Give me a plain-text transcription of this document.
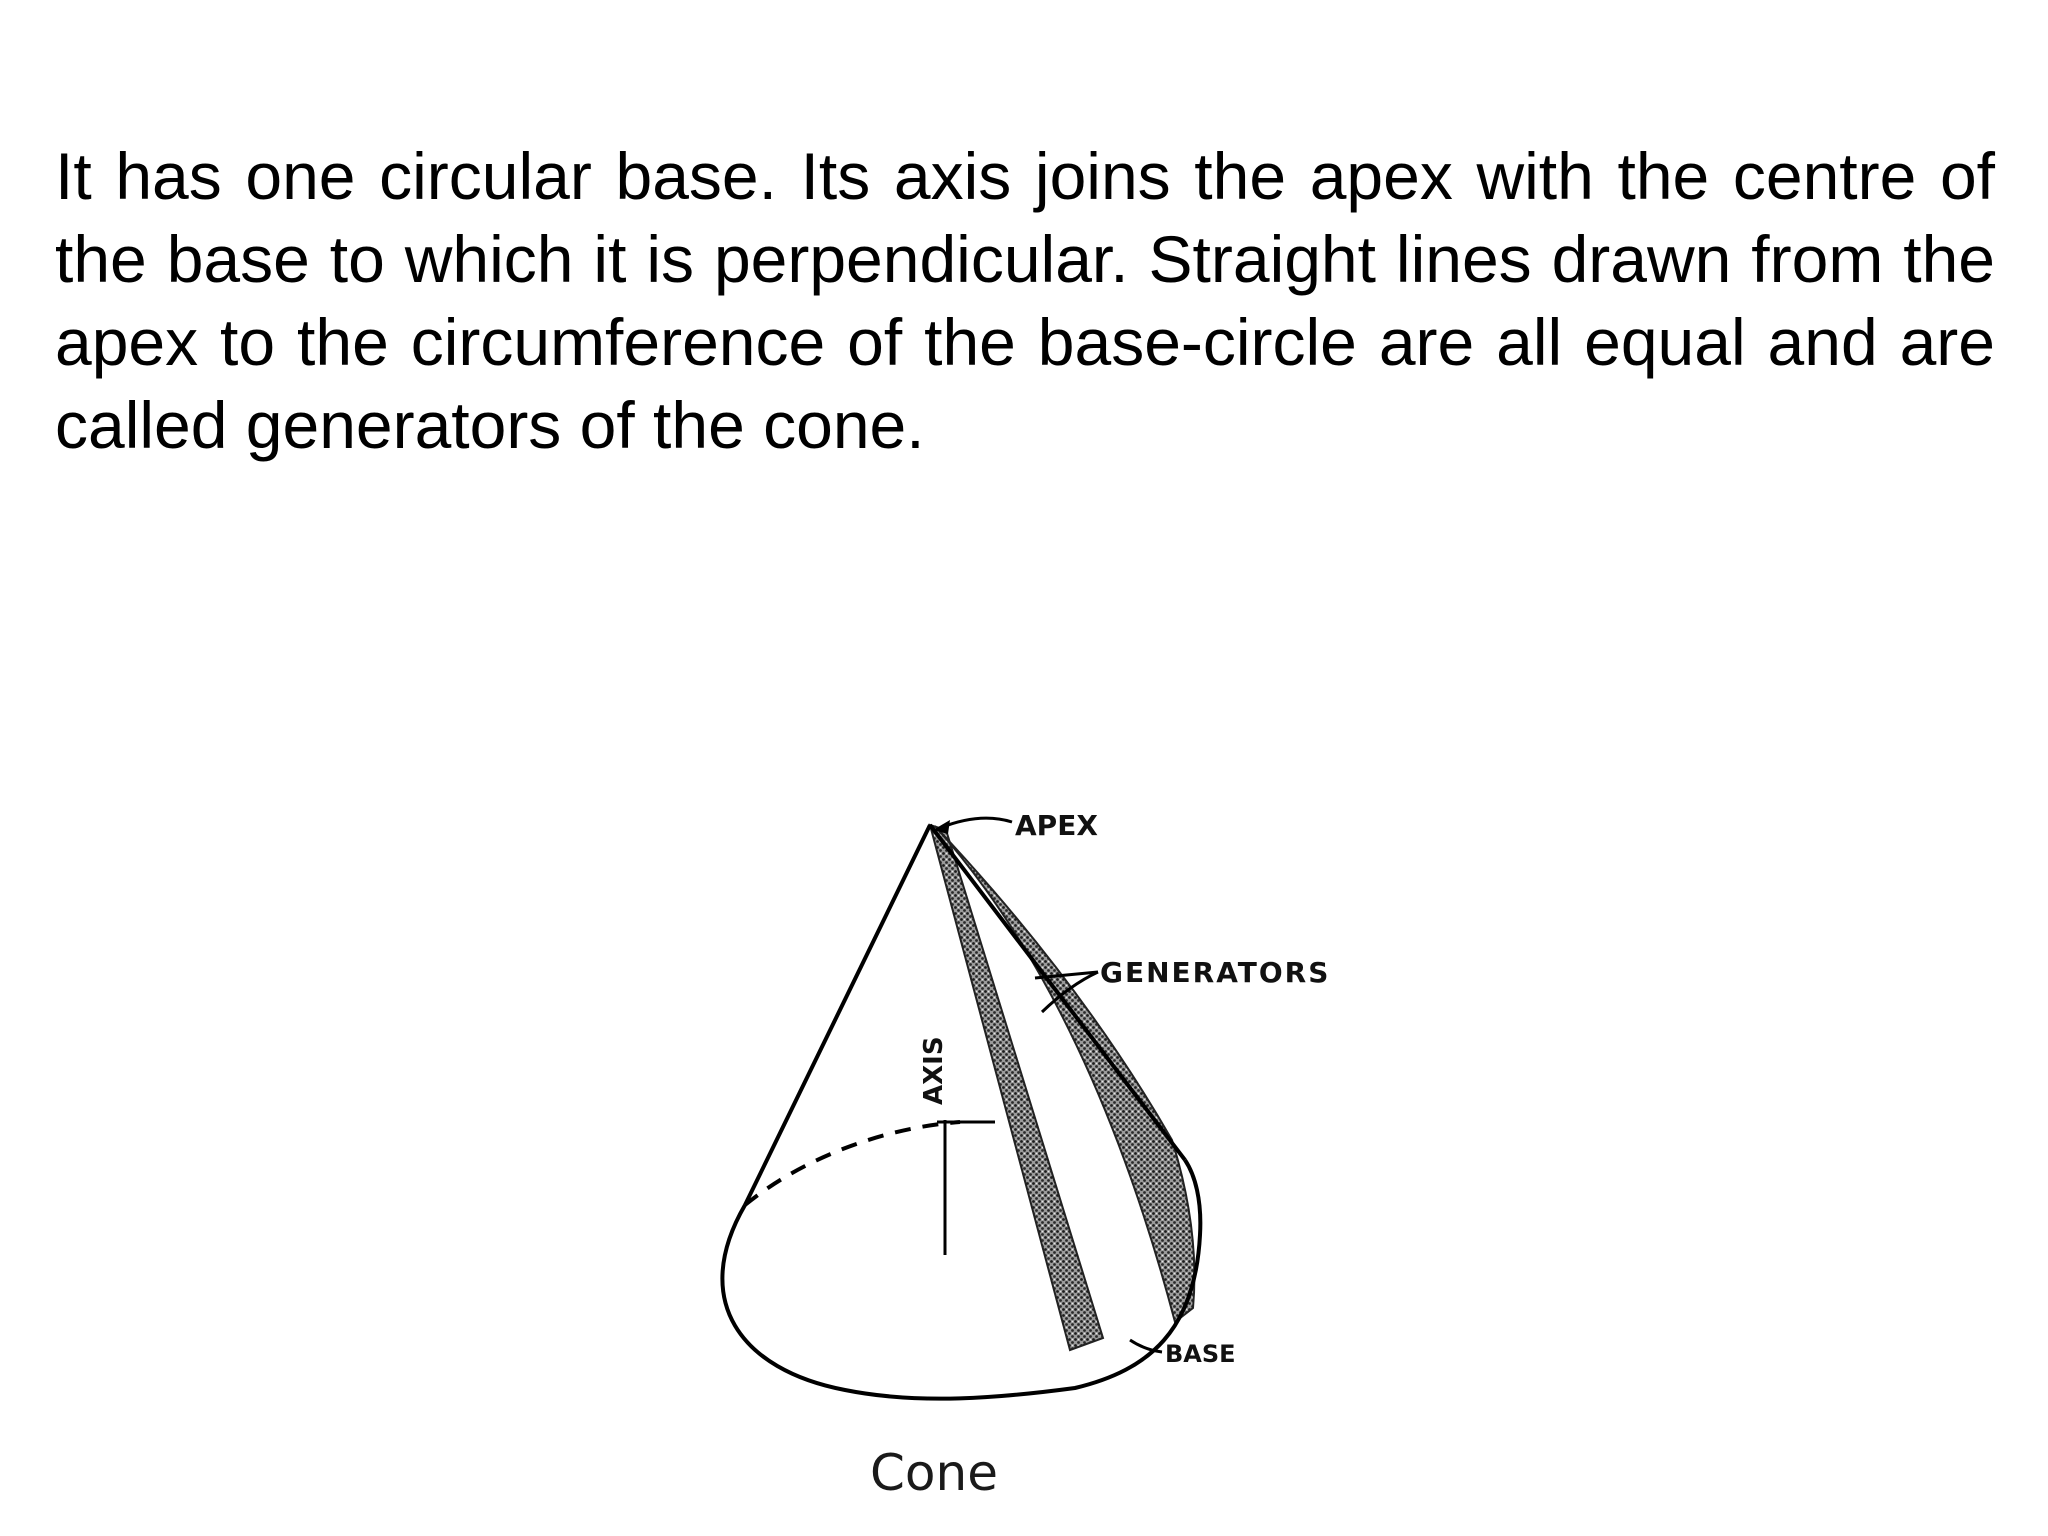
It has one circular base. Its axis joins the apex with the centre of the base to which it is perpendicular. Straight lines drawn from the apex to the circumference of the base-circle are all equal and are called generators of the cone.

APEX
GENERATORS
AXIS
BASE
Cone
